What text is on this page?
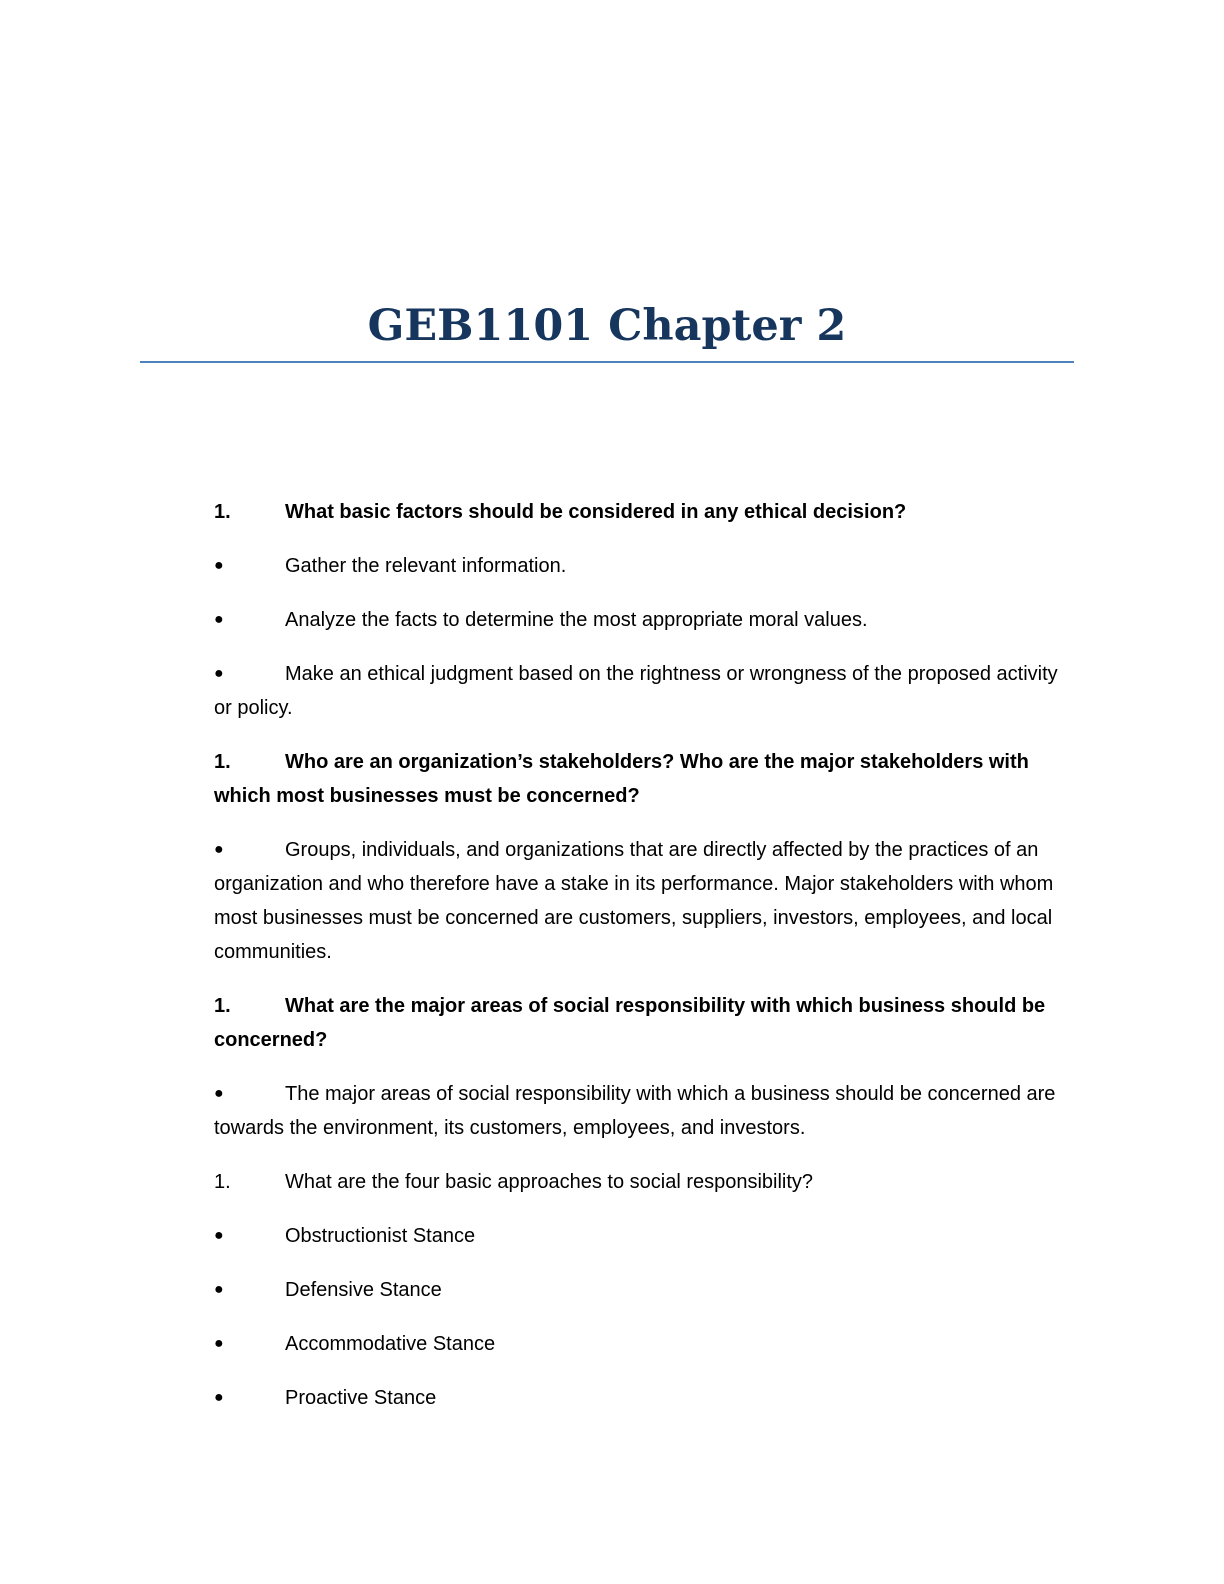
GEB1101 Chapter 2

1.	What basic factors should be considered in any ethical decision?

●	Gather the relevant information.

●	Analyze the facts to determine the most appropriate moral values.

●	Make an ethical judgment based on the rightness or wrongness of the proposed activity or policy.

1.	Who are an organization’s stakeholders? Who are the major stakeholders with which most businesses must be concerned?

●	Groups, individuals, and organizations that are directly affected by the practices of an organization and who therefore have a stake in its performance. Major stakeholders with whom most businesses must be concerned are customers, suppliers, investors, employees, and local communities.

1.	What are the major areas of social responsibility with which business should be concerned?

●	The major areas of social responsibility with which a business should be concerned are towards the environment, its customers, employees, and investors.

1.	What are the four basic approaches to social responsibility?

●	Obstructionist Stance

●	Defensive Stance

●	Accommodative Stance

●	Proactive Stance
